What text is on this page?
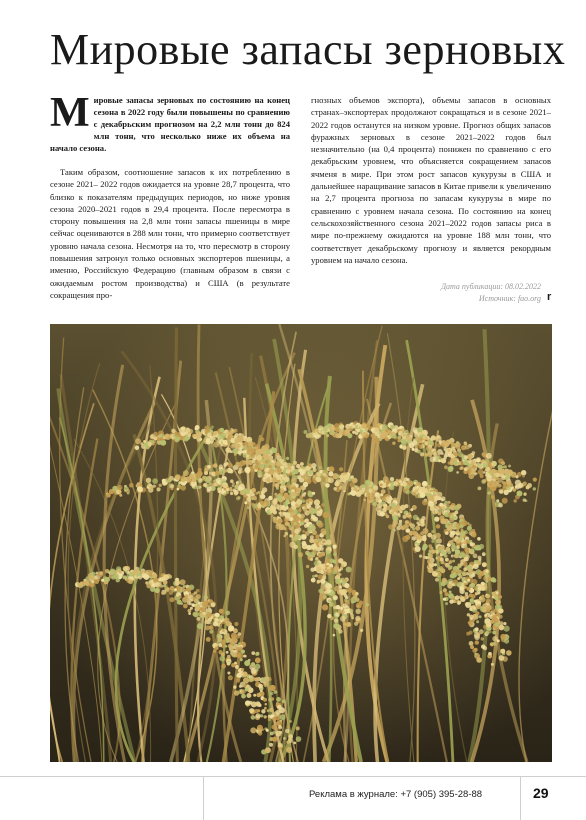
Мировые запасы зерновых

Мировые запасы зерновых по состоянию на конец сезона в 2022 году были повышены по сравнению с декабрьским прогнозом на 2,2 млн тонн до 824 млн тонн, что несколько ниже их объема на начало сезона.

Таким образом, соотношение запасов к их потреблению в сезоне 2021– 2022 годов ожидается на уровне 28,7 процента, что близко к показателям предыдущих периодов, но ниже уровня сезона 2020–2021 годов в 29,4 процента. После пересмотра в сторону повышения на 2,8 млн тонн запасы пшеницы в мире сейчас оцениваются в 288 млн тонн, что примерно соответствует уровню начала сезона. Несмотря на то, что пересмотр в сторону повышения затронул только основных экспортеров пшеницы, а именно, Российскую Федерацию (главным образом в связи с ожидаемым ростом производства) и США (в результате сокращения про-

гнозных объемов экспорта), объемы запасов в основных странах–экспортерах продолжают сокращаться и в сезоне 2021–2022 годов останутся на низком уровне. Прогноз общих запасов фуражных зерновых в сезоне 2021–2022 годов был незначительно (на 0,4 процента) понижен по сравнению с его декабрьским уровнем, что объясняется сокращением запасов ячменя в мире. При этом рост запасов кукурузы в США и дальнейшее наращивание запасов в Китае привели к увеличению на 2,7 процента прогноза по запасам кукурузы в мире по сравнению с уровнем начала сезона. По состоянию на конец сельскохозяйственного сезона 2021–2022 годов запасы риса в мире по-прежнему ожидаются на уровне 188 млн тонн, что соответствует декабрьскому прогнозу и является рекордным уровнем на начало сезона.

Дата публикации: 08.02.2022

Источник: fao.org r
Реклама в журнале: +7 (905) 395-28-88	29
